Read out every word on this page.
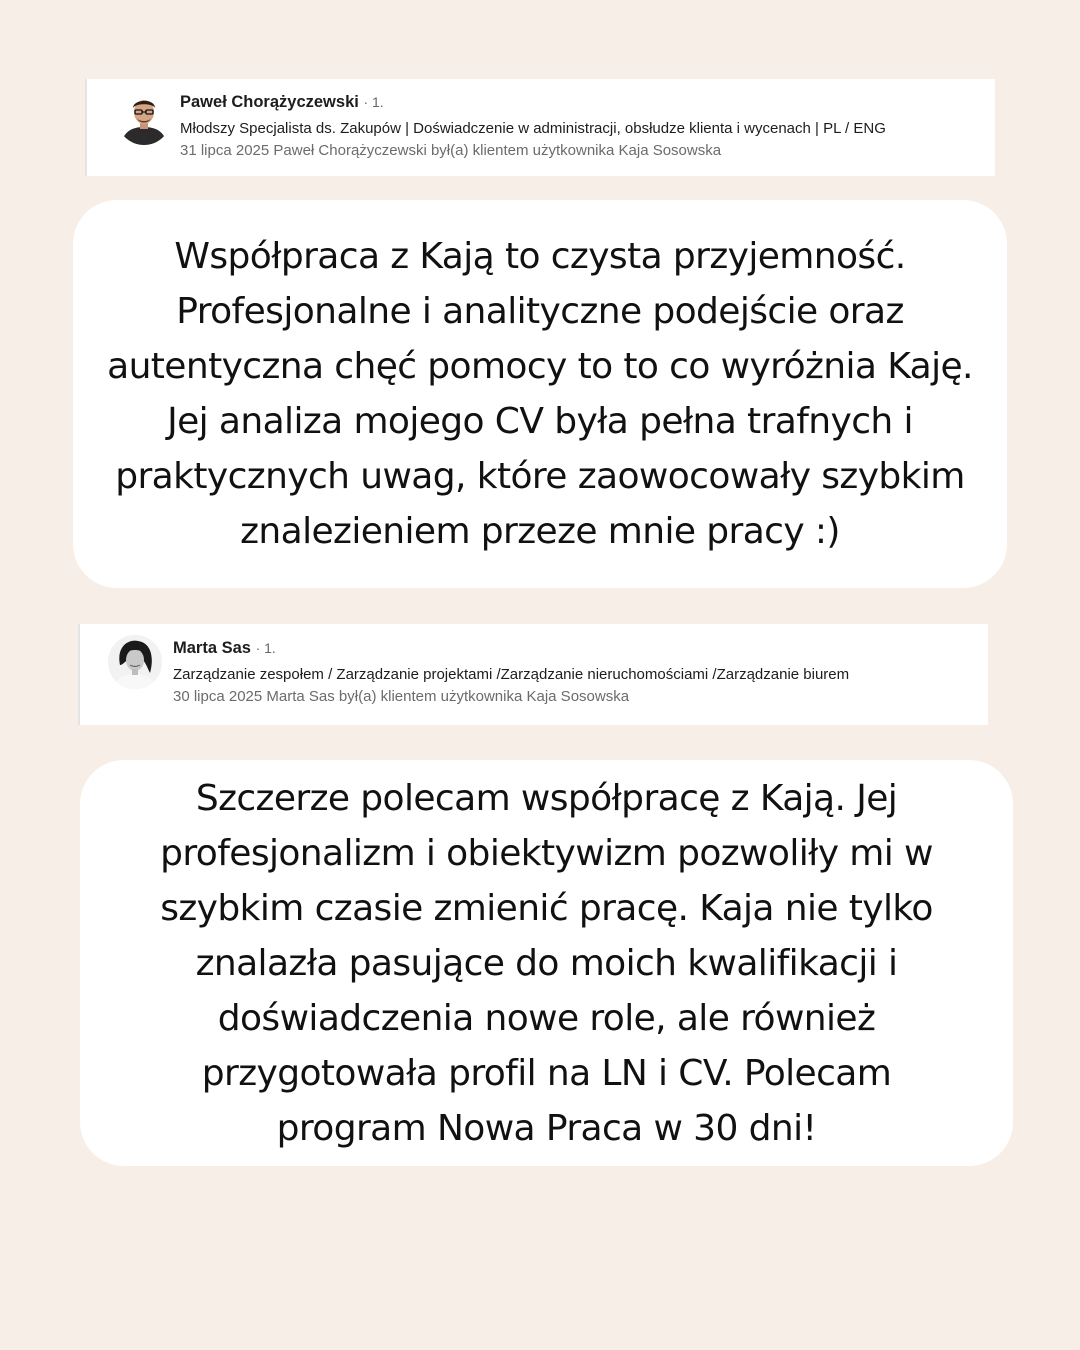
Paweł Chorążyczewski · 1.
Młodszy Specjalista ds. Zakupów | Doświadczenie w administracji, obsłudze klienta i wycenach | PL / ENG
31 lipca 2025 Paweł Chorążyczewski był(a) klientem użytkownika Kaja Sosowska

Współpraca z Kają to czysta przyjemność. Profesjonalne i analityczne podejście oraz autentyczna chęć pomocy to to co wyróżnia Kaję. Jej analiza mojego CV była pełna trafnych i praktycznych uwag, które zaowocowały szybkim znalezieniem przeze mnie pracy :)

Marta Sas · 1.
Zarządzanie zespołem / Zarządzanie projektami /Zarządzanie nieruchomościami /Zarządzanie biurem
30 lipca 2025 Marta Sas był(a) klientem użytkownika Kaja Sosowska

Szczerze polecam współpracę z Kają. Jej profesjonalizm i obiektywizm pozwoliły mi w szybkim czasie zmienić pracę. Kaja nie tylko znalazła pasujące do moich kwalifikacji i doświadczenia nowe role, ale również przygotowała profil na LN i CV. Polecam program Nowa Praca w 30 dni!
